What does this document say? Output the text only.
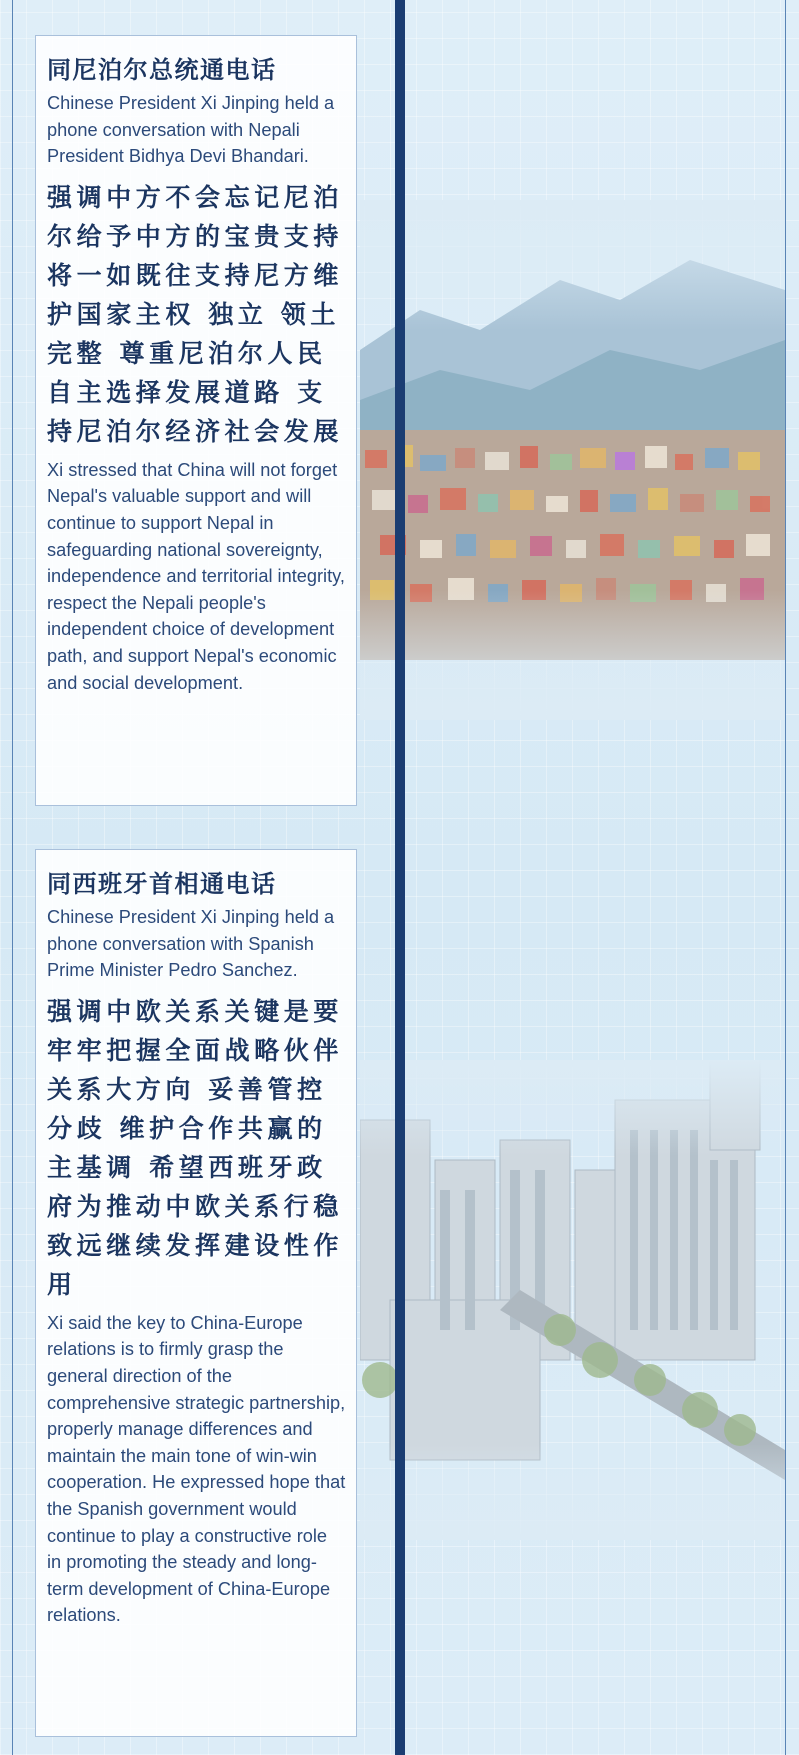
同尼泊尔总统通电话

Chinese President Xi Jinping held a phone conversation with Nepali President Bidhya Devi Bhandari.

强调中方不会忘记尼泊尔给予中方的宝贵支持 将一如既往支持尼方维护国家主权 独立 领土完整 尊重尼泊尔人民自主选择发展道路 支持尼泊尔经济社会发展

Xi stressed that China will not forget Nepal's valuable support and will continue to support Nepal in safeguarding national sovereignty, independence and territorial integrity, respect the Nepali people's independent choice of development path, and support Nepal's economic and social development.

同西班牙首相通电话

Chinese President Xi Jinping held a phone conversation with Spanish Prime Minister Pedro Sanchez.

强调中欧关系关键是要牢牢把握全面战略伙伴关系大方向 妥善管控分歧 维护合作共赢的主基调 希望西班牙政府为推动中欧关系行稳致远继续发挥建设性作用

Xi said the key to China-Europe relations is to firmly grasp the general direction of the comprehensive strategic partnership, properly manage differences and maintain the main tone of win-win cooperation. He expressed hope that the Spanish government would continue to play a constructive role in promoting the steady and long-term development of China-Europe relations.
